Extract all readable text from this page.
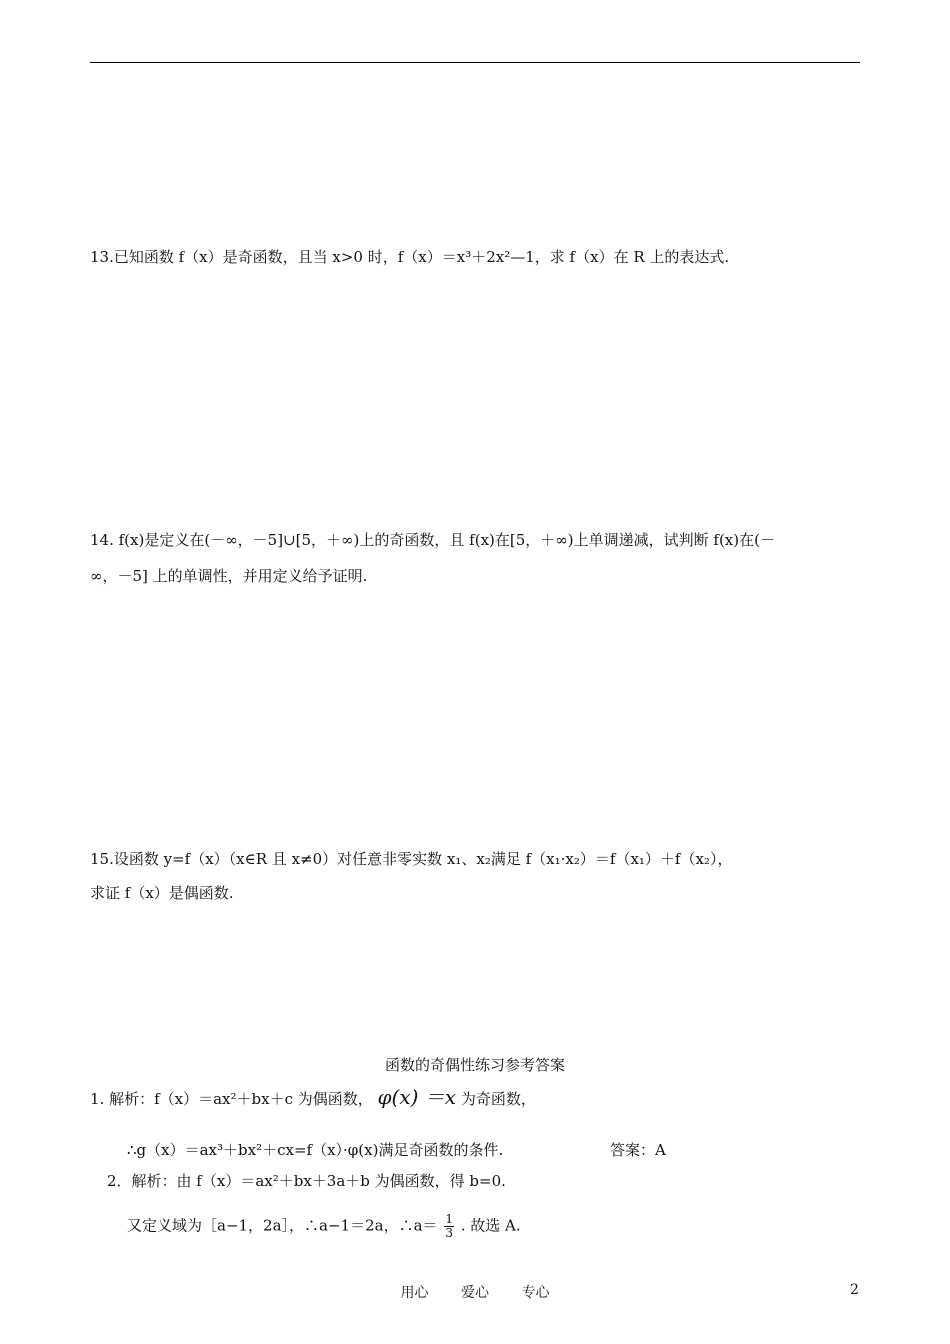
13.已知函数 f（x）是奇函数，且当 x>0 时，f（x）＝x³＋2x²—1，求 f（x）在 R 上的表达式.
14. f(x)是定义在(－∞，－5]∪[5，＋∞)上的奇函数，且 f(x)在[5，＋∞)上单调递减，试判断 f(x)在(－
∞，－5] 上的单调性，并用定义给予证明.
15.设函数 y=f（x）（x∈R 且 x≠0）对任意非零实数 x₁、x₂满足 f（x₁·x₂）＝f（x₁）＋f（x₂），
求证 f（x）是偶函数.
函数的奇偶性练习参考答案
1. 解析：f（x）＝ax²＋bx＋c 为偶函数， φ(x) ＝x 为奇函数，
∴g（x）＝ax³＋bx²＋cx=f（x）·φ(x)满足奇函数的条件.	答案：A
2．解析：由 f（x）＝ax²＋bx＋3a＋b 为偶函数，得 b=0.
又定义域为［a−1，2a］，∴a−1＝2a，∴a＝ $\frac{1}{3}$ . 故选 A.
用心 爱心 专心	2
